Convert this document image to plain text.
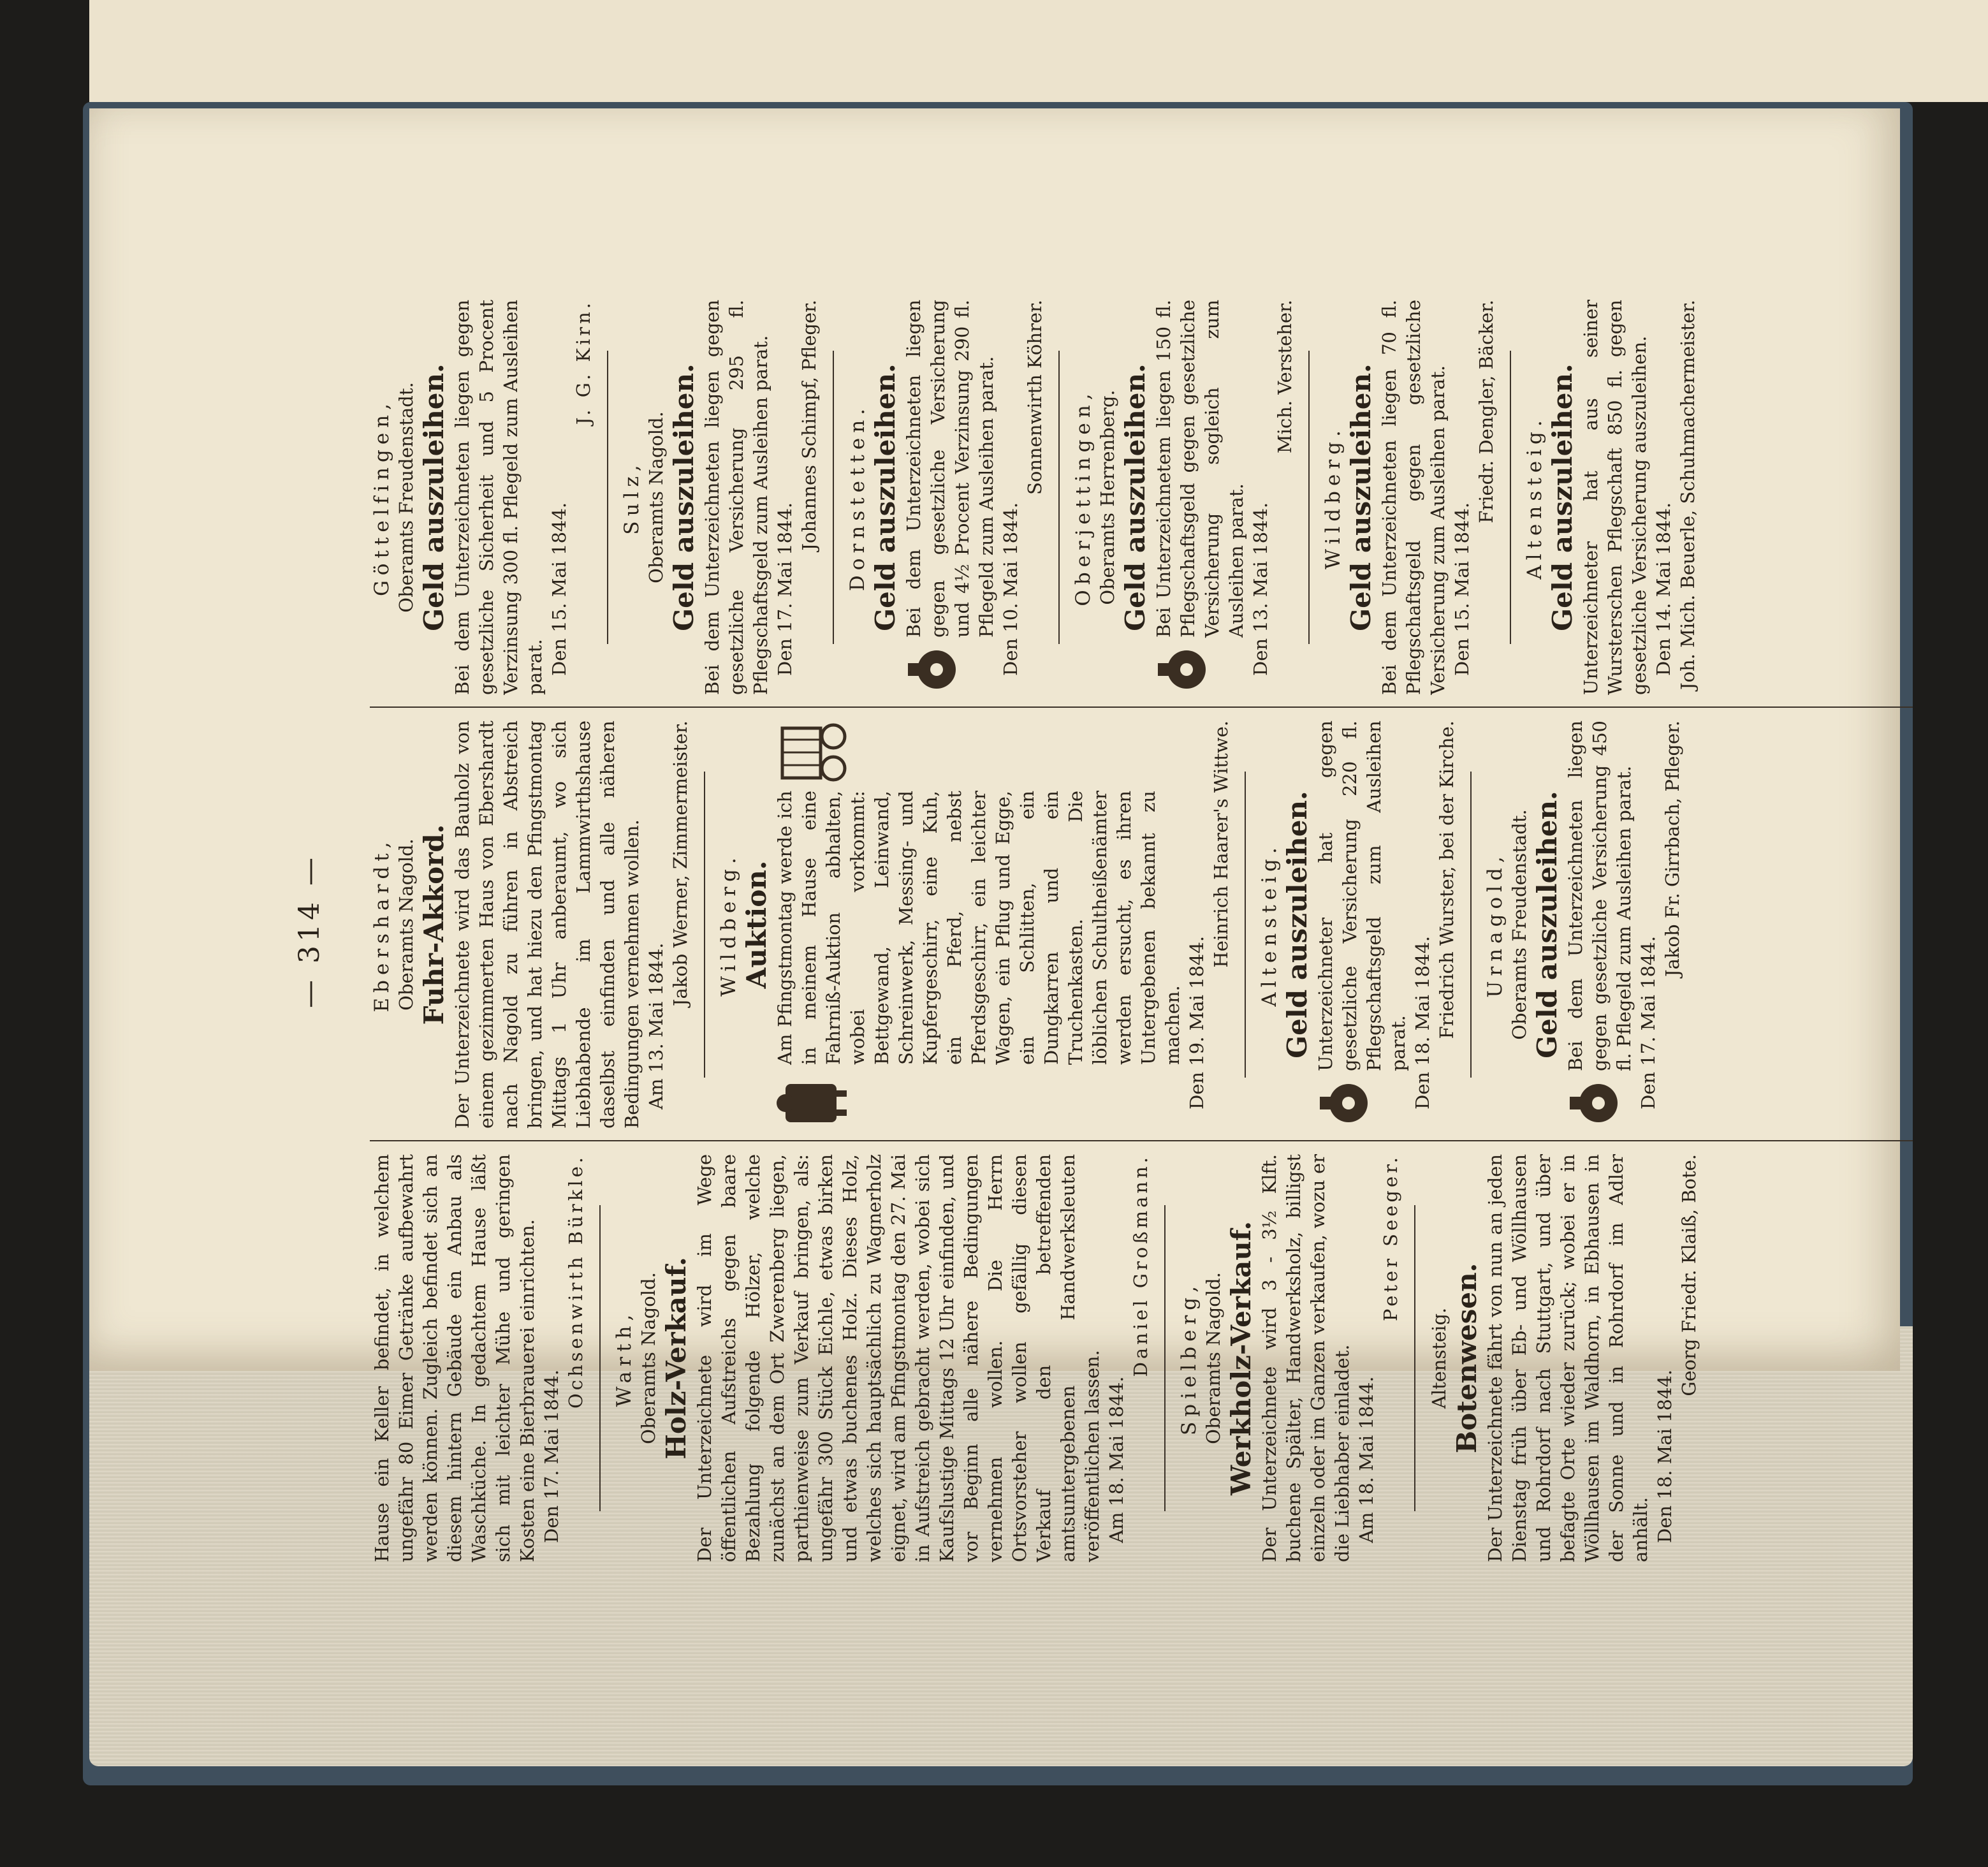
— 314 —
Hause ein Keller befindet, in welchem ungefähr 80 Eimer Getränke aufbewahrt werden können. Zugleich befindet sich an diesem hintern Gebäude ein Anbau als Waschküche. In gedachtem Hause läßt sich mit leichter Mühe und geringen Kosten eine Bierbrauerei einrichten. Den 17. Mai 1844.
Ochsenwirth Bürkle. Warth, Oberamts Nagold. Holz-Verkauf. Der Unterzeichnete wird im Wege öffentlichen Aufstreichs gegen baare Bezahlung folgende Hölzer, welche zunächst an dem Ort Zwerenberg liegen, parthienweise zum Verkauf bringen, als: ungefähr 300 Stück Eichle, etwas birken und etwas buchenes Holz. Dieses Holz, welches sich hauptsächlich zu Wagnerholz eignet, wird am Pfingstmontag den 27. Mai in Aufstreich gebracht werden, wobei sich Kaufslustige Mittags 12 Uhr einfinden, und vor Beginn alle nähere Bedingungen vernehmen wollen. Die Herrn Ortsvorsteher wollen gefällig diesen Verkauf den betreffenden amtsuntergebenen Handwerksleuten veröffentlichen lassen. Am 18. Mai 1844.
Daniel Großmann. Spielberg, Oberamts Nagold. Werkholz-Verkauf. Der Unterzeichnete wird 3 - 3½ Klft. buchene Spälter, Handwerksholz, billigst einzeln oder im Ganzen verkaufen, wozu er die Liebhaber einladet. Am 18. Mai 1844.
Peter Seeger.
Altensteig. Botenwesen. Der Unterzeichnete fährt von nun an jeden Dienstag früh über Eb- und Wöllhausen und Rohrdorf nach Stuttgart, und über befagte Orte wieder zurück; wobei er in Wöllhausen im Waldhorn, in Ebhausen in der Sonne und in Rohrdorf im Adler anhält. Den 18. Mai 1844.
Georg Friedr. Klaiß, Bote.
Ebershardt, Oberamts Nagold. Fuhr-Akkord. Der Unterzeichnete wird das Bauholz von einem gezimmerten Haus von Ebershardt nach Nagold zu führen in Abstreich bringen, und hat hiezu den Pfingstmontag Mittags 1 Uhr anberaumt, wo sich Liebhabende im Lammwirthshause daselbst einfinden und alle näheren Bedingungen vernehmen wollen. Am 13. Mai 1844.
Jakob Werner, Zimmermeister. Wildberg. Auktion. Am Pfingstmontag werde ich in meinem Hause eine Fahrniß-Auktion abhalten, wobei vorkommt: Bettgewand, Leinwand, Schreinwerk, Messing- und Kupfergeschirr, eine Kuh, ein Pferd, nebst Pferdsgeschirr, ein leichter Wagen, ein Pflug und Egge, ein Schlitten, ein Dungkarren und ein Truchenkasten. Die löblichen Schultheißenämter werden ersucht, es ihren Untergebenen bekannt zu machen. Den 19. Mai 1844.
Heinrich Haarer's Wittwe. Altensteig. Geld auszuleihen. Unterzeichneter hat gegen gesetzliche Versicherung 220 fl. Pflegschaftsgeld zum Ausleihen parat. Den 18. Mai 1844. Friedrich Wurster, bei der Kirche. Urnagold, Oberamts Freudenstadt. Geld auszuleihen. Bei dem Unterzeichneten liegen gegen gesetzliche Versicherung 450 fl. Pflegeld zum Ausleihen parat. Den 17. Mai 1844.
Jakob Fr. Girrbach, Pfleger.
Göttelfingen, Oberamts Freudenstadt. Geld auszuleihen. Bei dem Unterzeichneten liegen gegen gesetzliche Sicherheit und 5 Procent Verzinsung 300 fl. Pflegeld zum Ausleihen parat. Den 15. Mai 1844.
J. G. Kirn.
Sulz, Oberamts Nagold. Geld auszuleihen. Bei dem Unterzeichneten liegen gegen gesetzliche Versicherung 295 fl. Pflegschaftsgeld zum Ausleihen parat. Den 17. Mai 1844.
Johannes Schimpf, Pfleger. Dornstetten. Geld auszuleihen. Bei dem Unterzeichneten liegen gegen gesetzliche Versicherung und 4½ Procent Verzinsung 290 fl. Pflegeld zum Ausleihen parat. Den 10. Mai 1844.
Sonnenwirth Köhrer. Oberjettingen, Oberamts Herrenberg. Geld auszuleihen. Bei Unterzeichnetem liegen 150 fl. Pflegschaftsgeld gegen gesetzliche Versicherung sogleich zum Ausleihen parat. Den 13. Mai 1844.
Mich. Versteher.
Wildberg. Geld auszuleihen. Bei dem Unterzeichneten liegen 70 fl. Pflegschaftsgeld gegen gesetzliche Versicherung zum Ausleihen parat. Den 15. Mai 1844.
Friedr. Dengler, Bäcker. Altensteig. Geld auszuleihen. Unterzeichneter hat aus seiner Wursterschen Pflegschaft 850 fl. gegen gesetzliche Versicherung auszuleihen. Den 14. Mai 1844. Joh. Mich. Beuerle, Schuhmachermeister.
